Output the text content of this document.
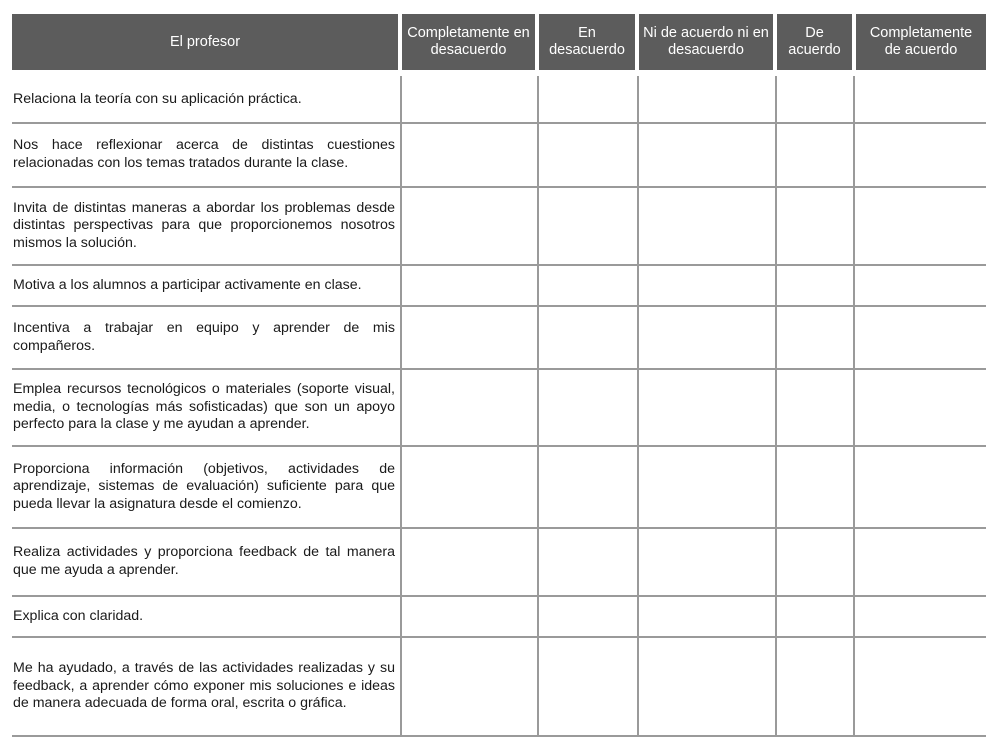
El profesor
Completamente en desacuerdo
En desacuerdo
Ni de acuerdo ni en desacuerdo
De acuerdo
Completamente de acuerdo
Relaciona la teoría con su aplicación práctica.
Nos hace reflexionar acerca de distintas cuestiones relacionadas con los temas tratados durante la clase.
Invita de distintas maneras a abordar los problemas desde distintas perspectivas para que proporcionemos nosotros mismos la solución.
Motiva a los alumnos a participar activamente en clase.
Incentiva a trabajar en equipo y aprender de mis compañeros.
Emplea recursos tecnológicos o materiales (soporte visual, media, o tecnologías más sofisticadas) que son un apoyo perfecto para la clase y me ayudan a aprender.
Proporciona información (objetivos, actividades de aprendizaje, sistemas de evaluación) suficiente para que pueda llevar la asignatura desde el comienzo.
Realiza actividades y proporciona feedback de tal manera que me ayuda a aprender.
Explica con claridad.
Me ha ayudado, a través de las actividades realizadas y su feedback, a aprender cómo exponer mis soluciones e ideas de manera adecuada de forma oral, escrita o gráfica.
